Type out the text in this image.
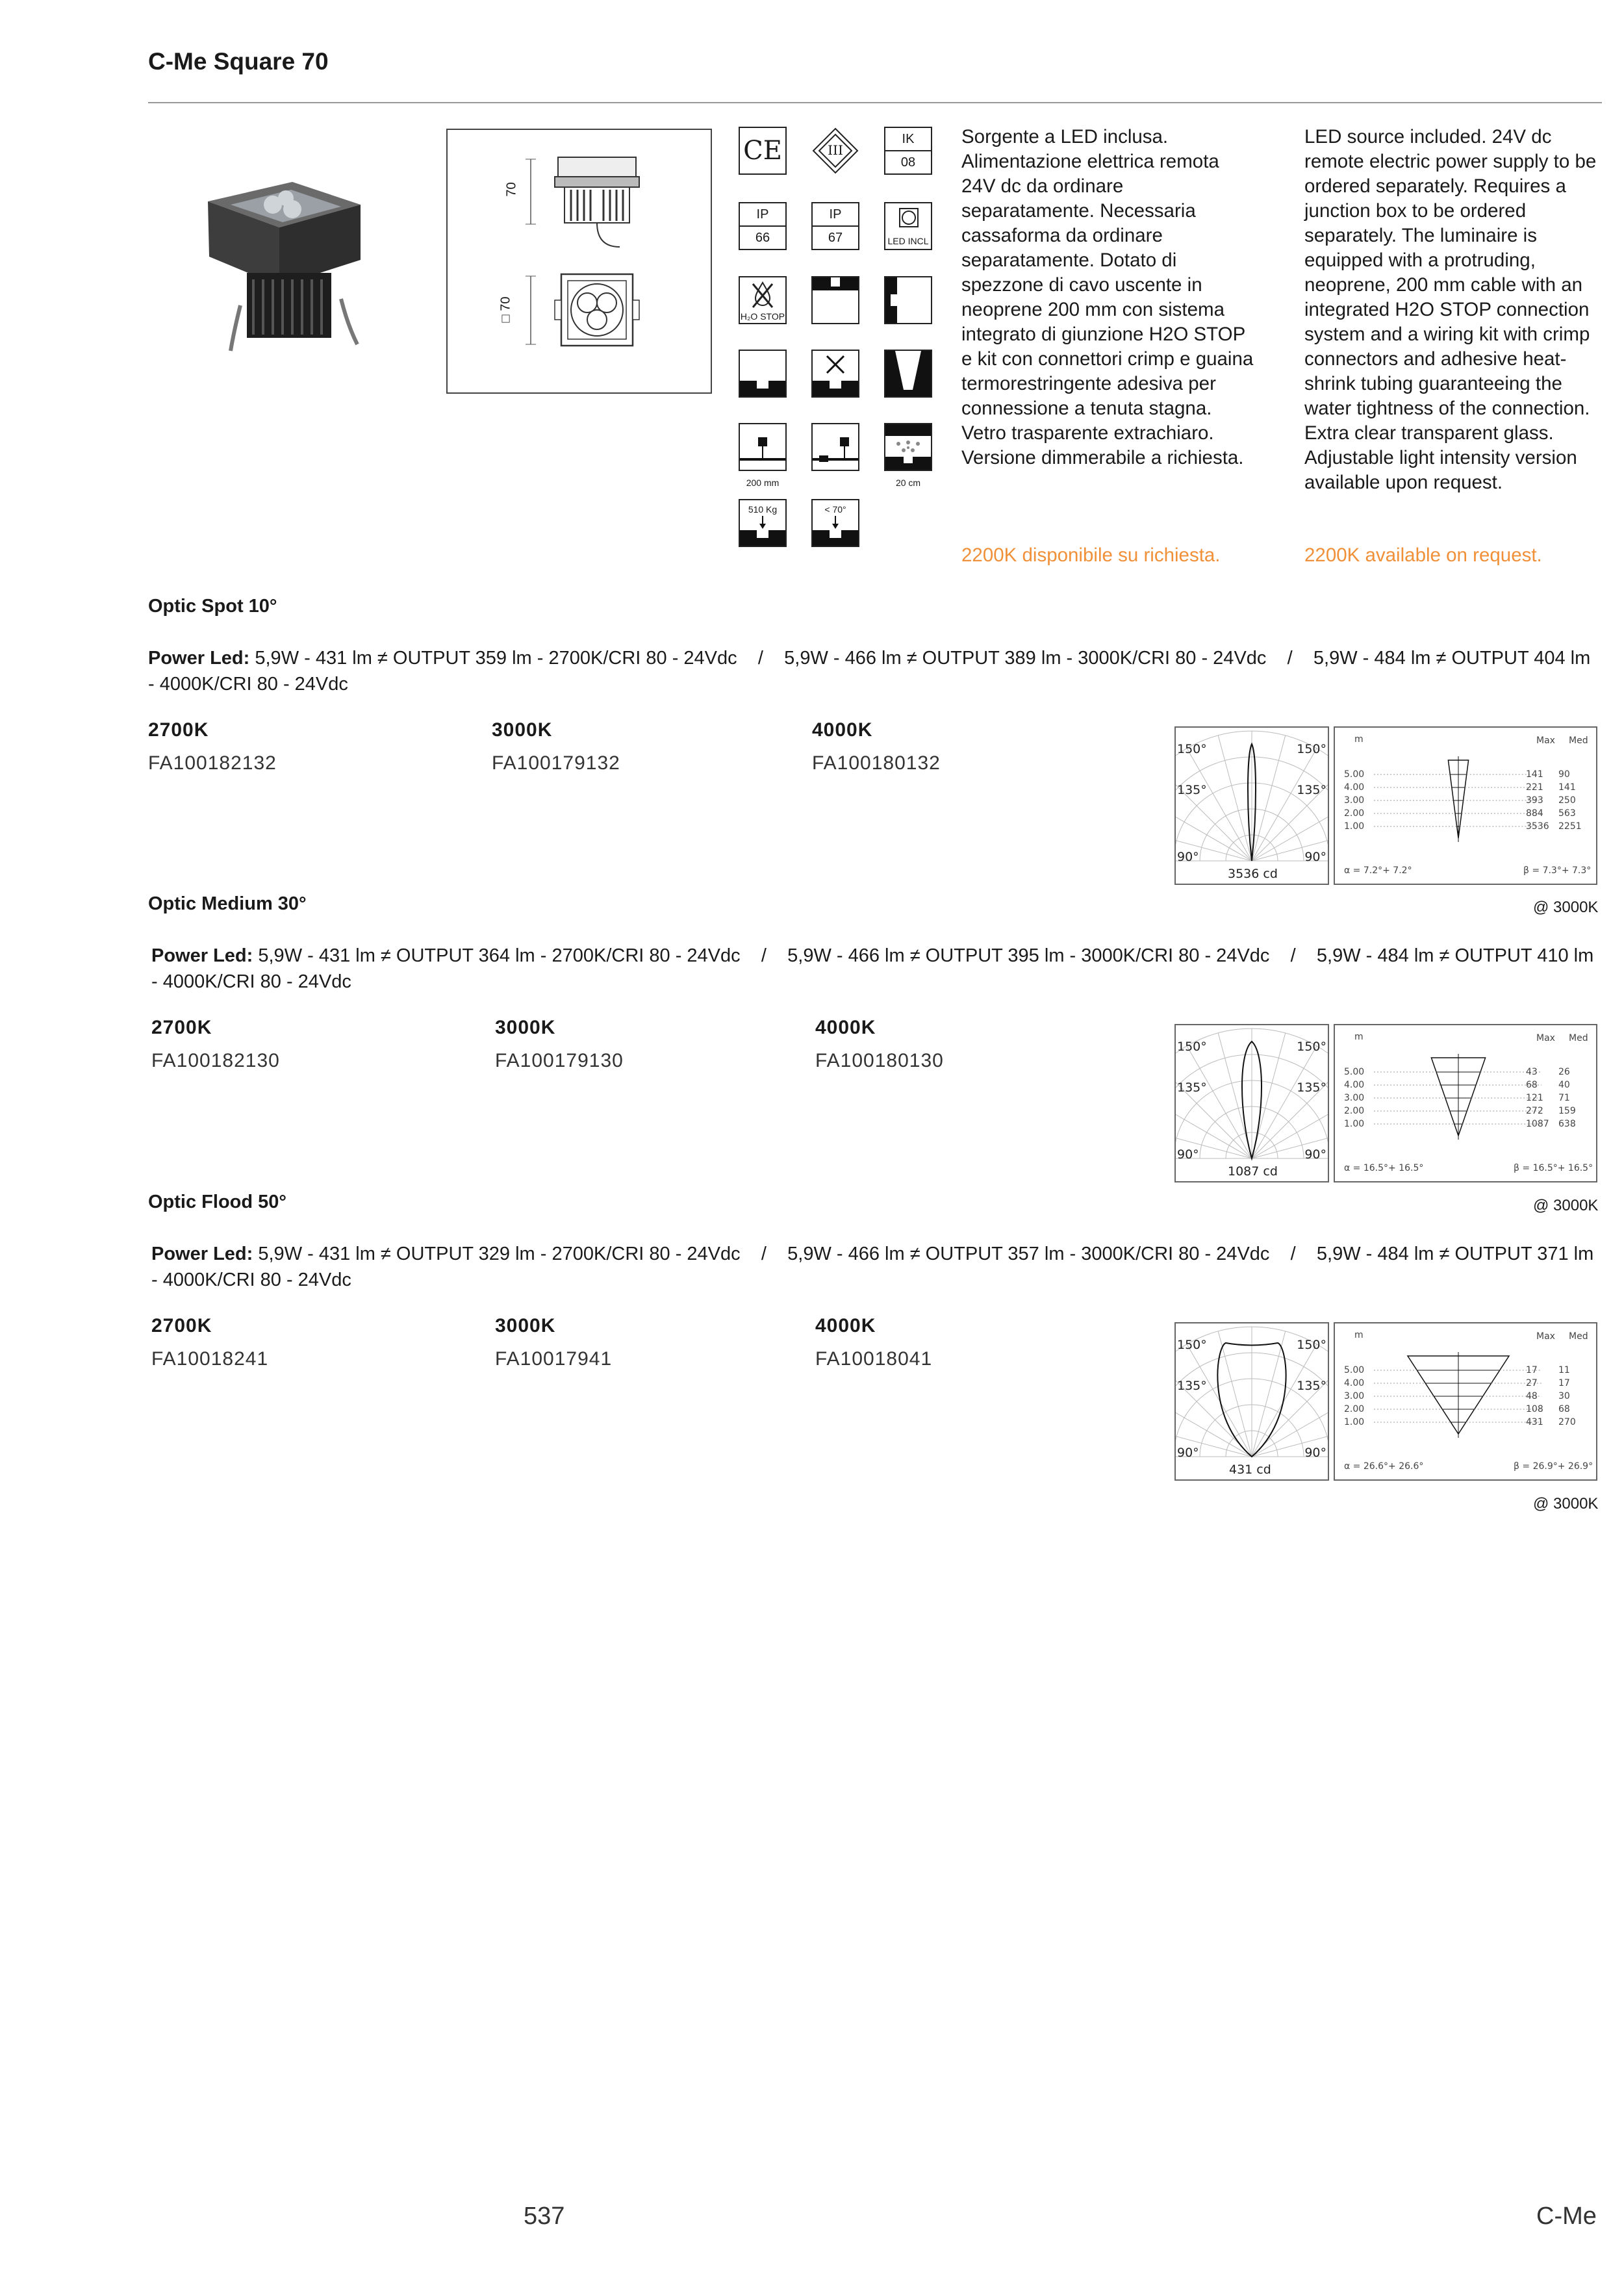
C-Me Square 70
70
□ 70
CE	III
IK
08
IP
66
IP
67	LED INCL
H₂O STOP
200 mm	20 cm
510 Kg	< 70°
Sorgente a LED inclusa. Alimentazione elettrica remota 24V dc da ordinare separatamente. Necessaria cassaforma da ordinare separatamente. Dotato di spezzone di cavo uscente in neoprene 200 mm con sistema integrato di giunzione H2O STOP e kit con connettori crimp e guaina termorestringente adesiva per connessione a tenuta stagna. Vetro trasparente extrachiaro. Versione dimmerabile a richiesta.
LED source included. 24V dc remote electric power supply to be ordered separately. Requires a junction box to be ordered separately. The luminaire is equipped with a protruding, neoprene, 200 mm cable with an integrated H2O STOP connection system and a wiring kit with crimp connectors and adhesive heat-shrink tubing guaranteeing the water tightness of the connection. Extra clear transparent glass. Adjustable light intensity version available upon request.
2200K disponibile su richiesta.	2200K available on request.
Optic Spot 10°
Power Led: 5,9W - 431 lm ≠ OUTPUT 359 lm - 2700K/CRI 80 - 24Vdc    /    5,9W - 466 lm ≠ OUTPUT 389 lm - 3000K/CRI 80 - 24Vdc    /    5,9W - 484 lm ≠ OUTPUT 404 lm - 4000K/CRI 80 - 24Vdc
2700K	3000K	4000K
FA100182132	FA100179132	FA100180132
150°	150°
135°	135°
90°	90°
3536 cd
m	Max Med
5.00	141	90
4.00	221	141
3.00	393	250
2.00	884	563
1.00	3536	2251
α = 7.2°+ 7.2°	β = 7.3°+ 7.3°
Optic Medium 30°	@ 3000K
Power Led: 5,9W - 431 lm ≠ OUTPUT 364 lm - 2700K/CRI 80 - 24Vdc    /    5,9W - 466 lm ≠ OUTPUT 395 lm - 3000K/CRI 80 - 24Vdc    /    5,9W - 484 lm ≠ OUTPUT 410 lm - 4000K/CRI 80 - 24Vdc
2700K	3000K	4000K
FA100182130	FA100179130	FA100180130
150°	150°
135°	135°
90°	90°
1087 cd
m	Max Med
5.00	43	26
4.00	68	40
3.00	121	71
2.00	272	159
1.00	1087	638
α = 16.5°+ 16.5°	β = 16.5°+ 16.5°
Optic Flood 50°	@ 3000K
Power Led: 5,9W - 431 lm ≠ OUTPUT 329 lm - 2700K/CRI 80 - 24Vdc    /    5,9W - 466 lm ≠ OUTPUT 357 lm - 3000K/CRI 80 - 24Vdc    /    5,9W - 484 lm ≠ OUTPUT 371 lm - 4000K/CRI 80 - 24Vdc
2700K	3000K	4000K
FA10018241	FA10017941	FA10018041
150°	150°
135°	135°
90°	90°
431 cd
m	Max Med
5.00	17	11
4.00	27	17
3.00	48	30
2.00	108	68
1.00	431	270
α = 26.6°+ 26.6°	β = 26.9°+ 26.9°
@ 3000K
537	C-Me
